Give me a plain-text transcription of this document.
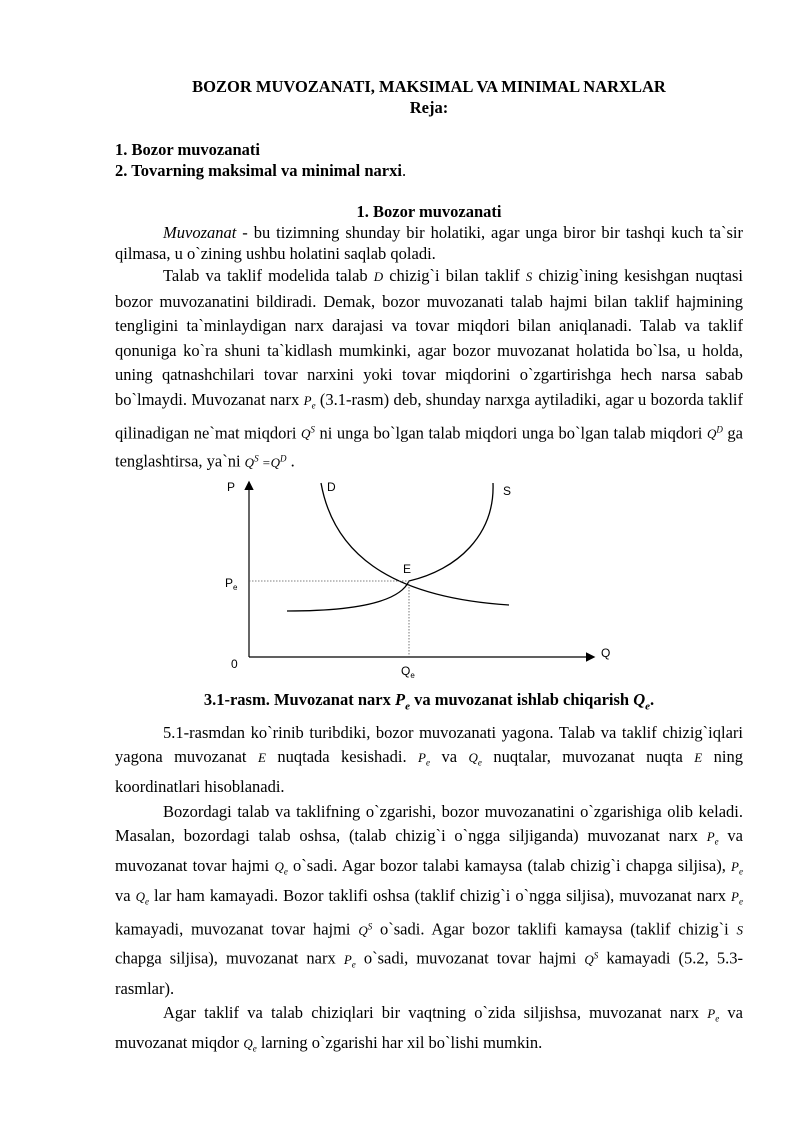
BOZOR MUVOZANATI, MAKSIMAL VA MINIMAL NARXLAR
Reja:
1. Bozor muvozanati
2. Tovarning maksimal va minimal narxi.
1. Bozor muvozanati

Muvozanat - bu tizimning shunday bir holatiki, agar unga biror bir tashqi kuch ta`sir qilmasa, u o`zining ushbu holatini saqlab qoladi.

Talab va taklif modelida talab D chizig`i bilan taklif S chizig`ining kesishgan nuqtasi bozor muvozanatini bildiradi. Demak, bozor muvozanati talab hajmi bilan taklif hajmining tengligini ta`minlaydigan narx darajasi va tovar miqdori bilan aniqlanadi. Talab va taklif qonuniga ko`ra shuni ta`kidlash mumkinki, agar bozor muvozanat holatida bo`lsa, u holda, uning qatnashchilari tovar narxini yoki tovar miqdorini o`zgartirishga hech narsa sabab bo`lmaydi. Muvozanat narx $P_e$ (3.1-rasm) deb, shunday narxga aytiladiki, agar u bozorda taklif qilinadigan ne`mat miqdori $Q^S$ ni unga bo`lgan talab miqdori unga bo`lgan talab miqdori $Q^D$ ga tenglashtirsa, ya`ni $Q^S =Q^D$ .

P
Q
0
D	S
E
$P_e$
$Q_e$
3.1-rasm. Muvozanat narx $P_e$ va muvozanat ishlab chiqarish $Q_e$.

5.1-rasmdan ko`rinib turibdiki, bozor muvozanati yagona. Talab va taklif chizig`iqlari yagona muvozanat E nuqtada kesishadi. $P_e$ va $Q_e$ nuqtalar, muvozanat nuqta E ning koordinatlari hisoblanadi.

Bozordagi talab va taklifning o`zgarishi, bozor muvozanatini o`zgarishiga olib keladi. Masalan, bozordagi talab oshsa, (talab chizig`i o`ngga siljiganda) muvozanat narx $P_e$ va muvozanat tovar hajmi $Q_e$ o`sadi. Agar bozor talabi kamaysa (talab chizig`i chapga siljisa), $P_e$ va $Q_e$ lar ham kamayadi. Bozor taklifi oshsa (taklif chizig`i o`ngga siljisa), muvozanat narx $P_e$ kamayadi, muvozanat tovar hajmi $Q^S$ o`sadi. Agar bozor taklifi kamaysa (taklif chizig`i S chapga siljisa), muvozanat narx $P_e$ o`sadi, muvozanat tovar hajmi $Q^S$ kamayadi (5.2, 5.3-rasmlar).

Agar taklif va talab chiziqlari bir vaqtning o`zida siljishsa, muvozanat narx $P_e$ va muvozanat miqdor $Q_e$ larning o`zgarishi har xil bo`lishi mumkin.
